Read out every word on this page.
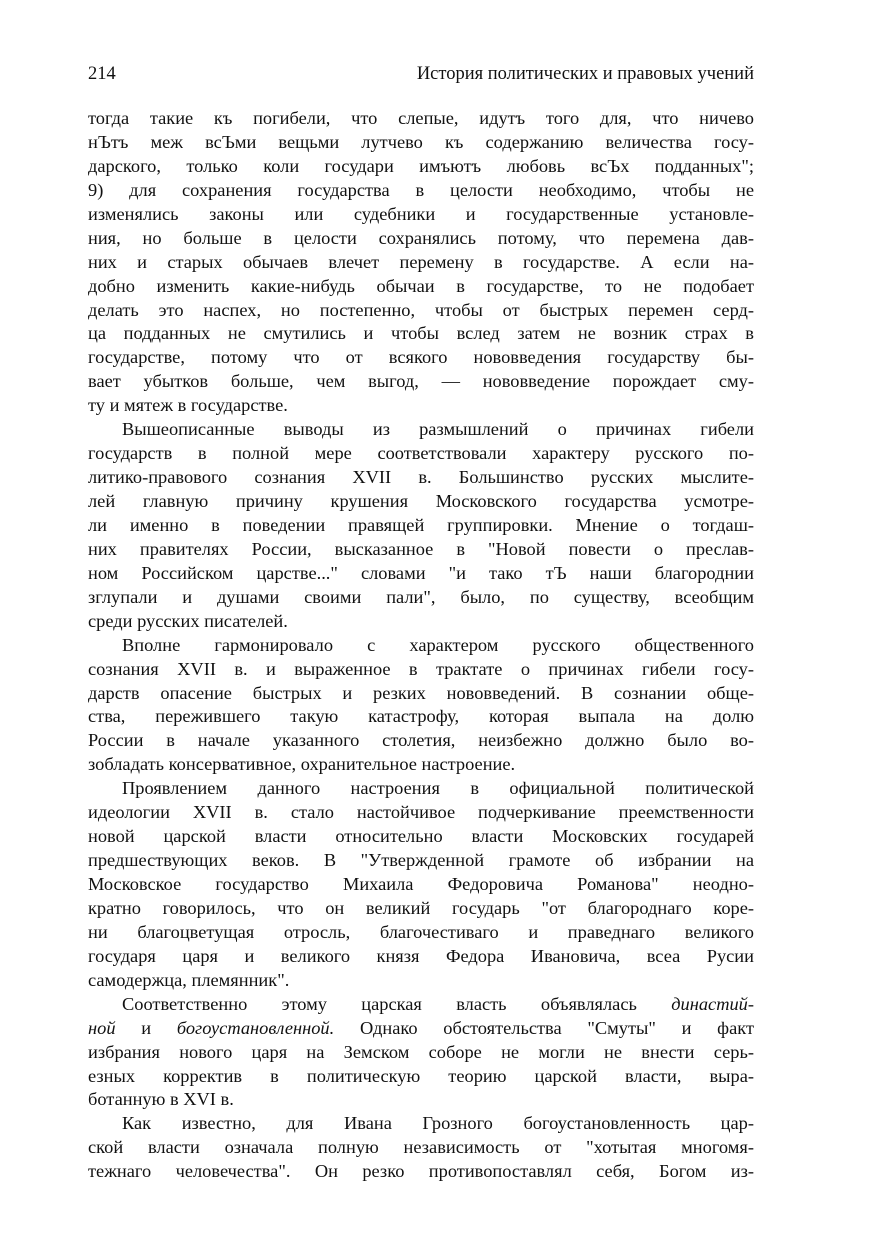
214	История политических и правовых учений
тогда такие къ погибели, что слепые, идутъ того для, что ничево
нЪтъ меж всЪми вещьми лутчево къ содержанию величества госу-
дарского, только коли государи имъютъ любовь всЪх подданных";
9) для сохранения государства в целости необходимо, чтобы не
изменялись законы или судебники и государственные установле-
ния, но больше в целости сохранялись потому, что перемена дав-
них и старых обычаев влечет перемену в государстве. А если на-
добно изменить какие-нибудь обычаи в государстве, то не подобает
делать это наспех, но постепенно, чтобы от быстрых перемен серд-
ца подданных не смутились и чтобы вслед затем не возник страх в
государстве, потому что от всякого нововведения государству бы-
вает убытков больше, чем выгод, — нововведение порождает сму-
ту и мятеж в государстве.
Вышеописанные выводы из размышлений о причинах гибели
государств в полной мере соответствовали характеру русского по-
литико-правового сознания XVII в. Большинство русских мыслите-
лей главную причину крушения Московского государства усмотре-
ли именно в поведении правящей группировки. Мнение о тогдаш-
них правителях России, высказанное в "Новой повести о преслав-
ном Российском царстве..." словами "и тако тЪ наши благороднии
зглупали и душами своими пали", было, по существу, всеобщим
среди русских писателей.
Вполне гармонировало с характером русского общественного
сознания XVII в. и выраженное в трактате о причинах гибели госу-
дарств опасение быстрых и резких нововведений. В сознании обще-
ства, пережившего такую катастрофу, которая выпала на долю
России в начале указанного столетия, неизбежно должно было во-
зобладать консервативное, охранительное настроение.
Проявлением данного настроения в официальной политической
идеологии XVII в. стало настойчивое подчеркивание преемственности
новой царской власти относительно власти Московских государей
предшествующих веков. В "Утвержденной грамоте об избрании на
Московское государство Михаила Федоровича Романова" неодно-
кратно говорилось, что он великий государь "от благороднаго коре-
ни благоцветущая отросль, благочестиваго и праведнаго великого
государя царя и великого князя Федора Ивановича, всеа Русии
самодержца, племянник".
Соответственно этому царская власть объявлялась династий-
ной и богоустановленной. Однако обстоятельства "Смуты" и факт
избрания нового царя на Земском соборе не могли не внести серь-
езных корректив в политическую теорию царской власти, выра-
ботанную в XVI в.
Как известно, для Ивана Грозного богоустановленность цар-
ской власти означала полную независимость от "хотытая многомя-
тежнаго человечества". Он резко противопоставлял себя, Богом из-
